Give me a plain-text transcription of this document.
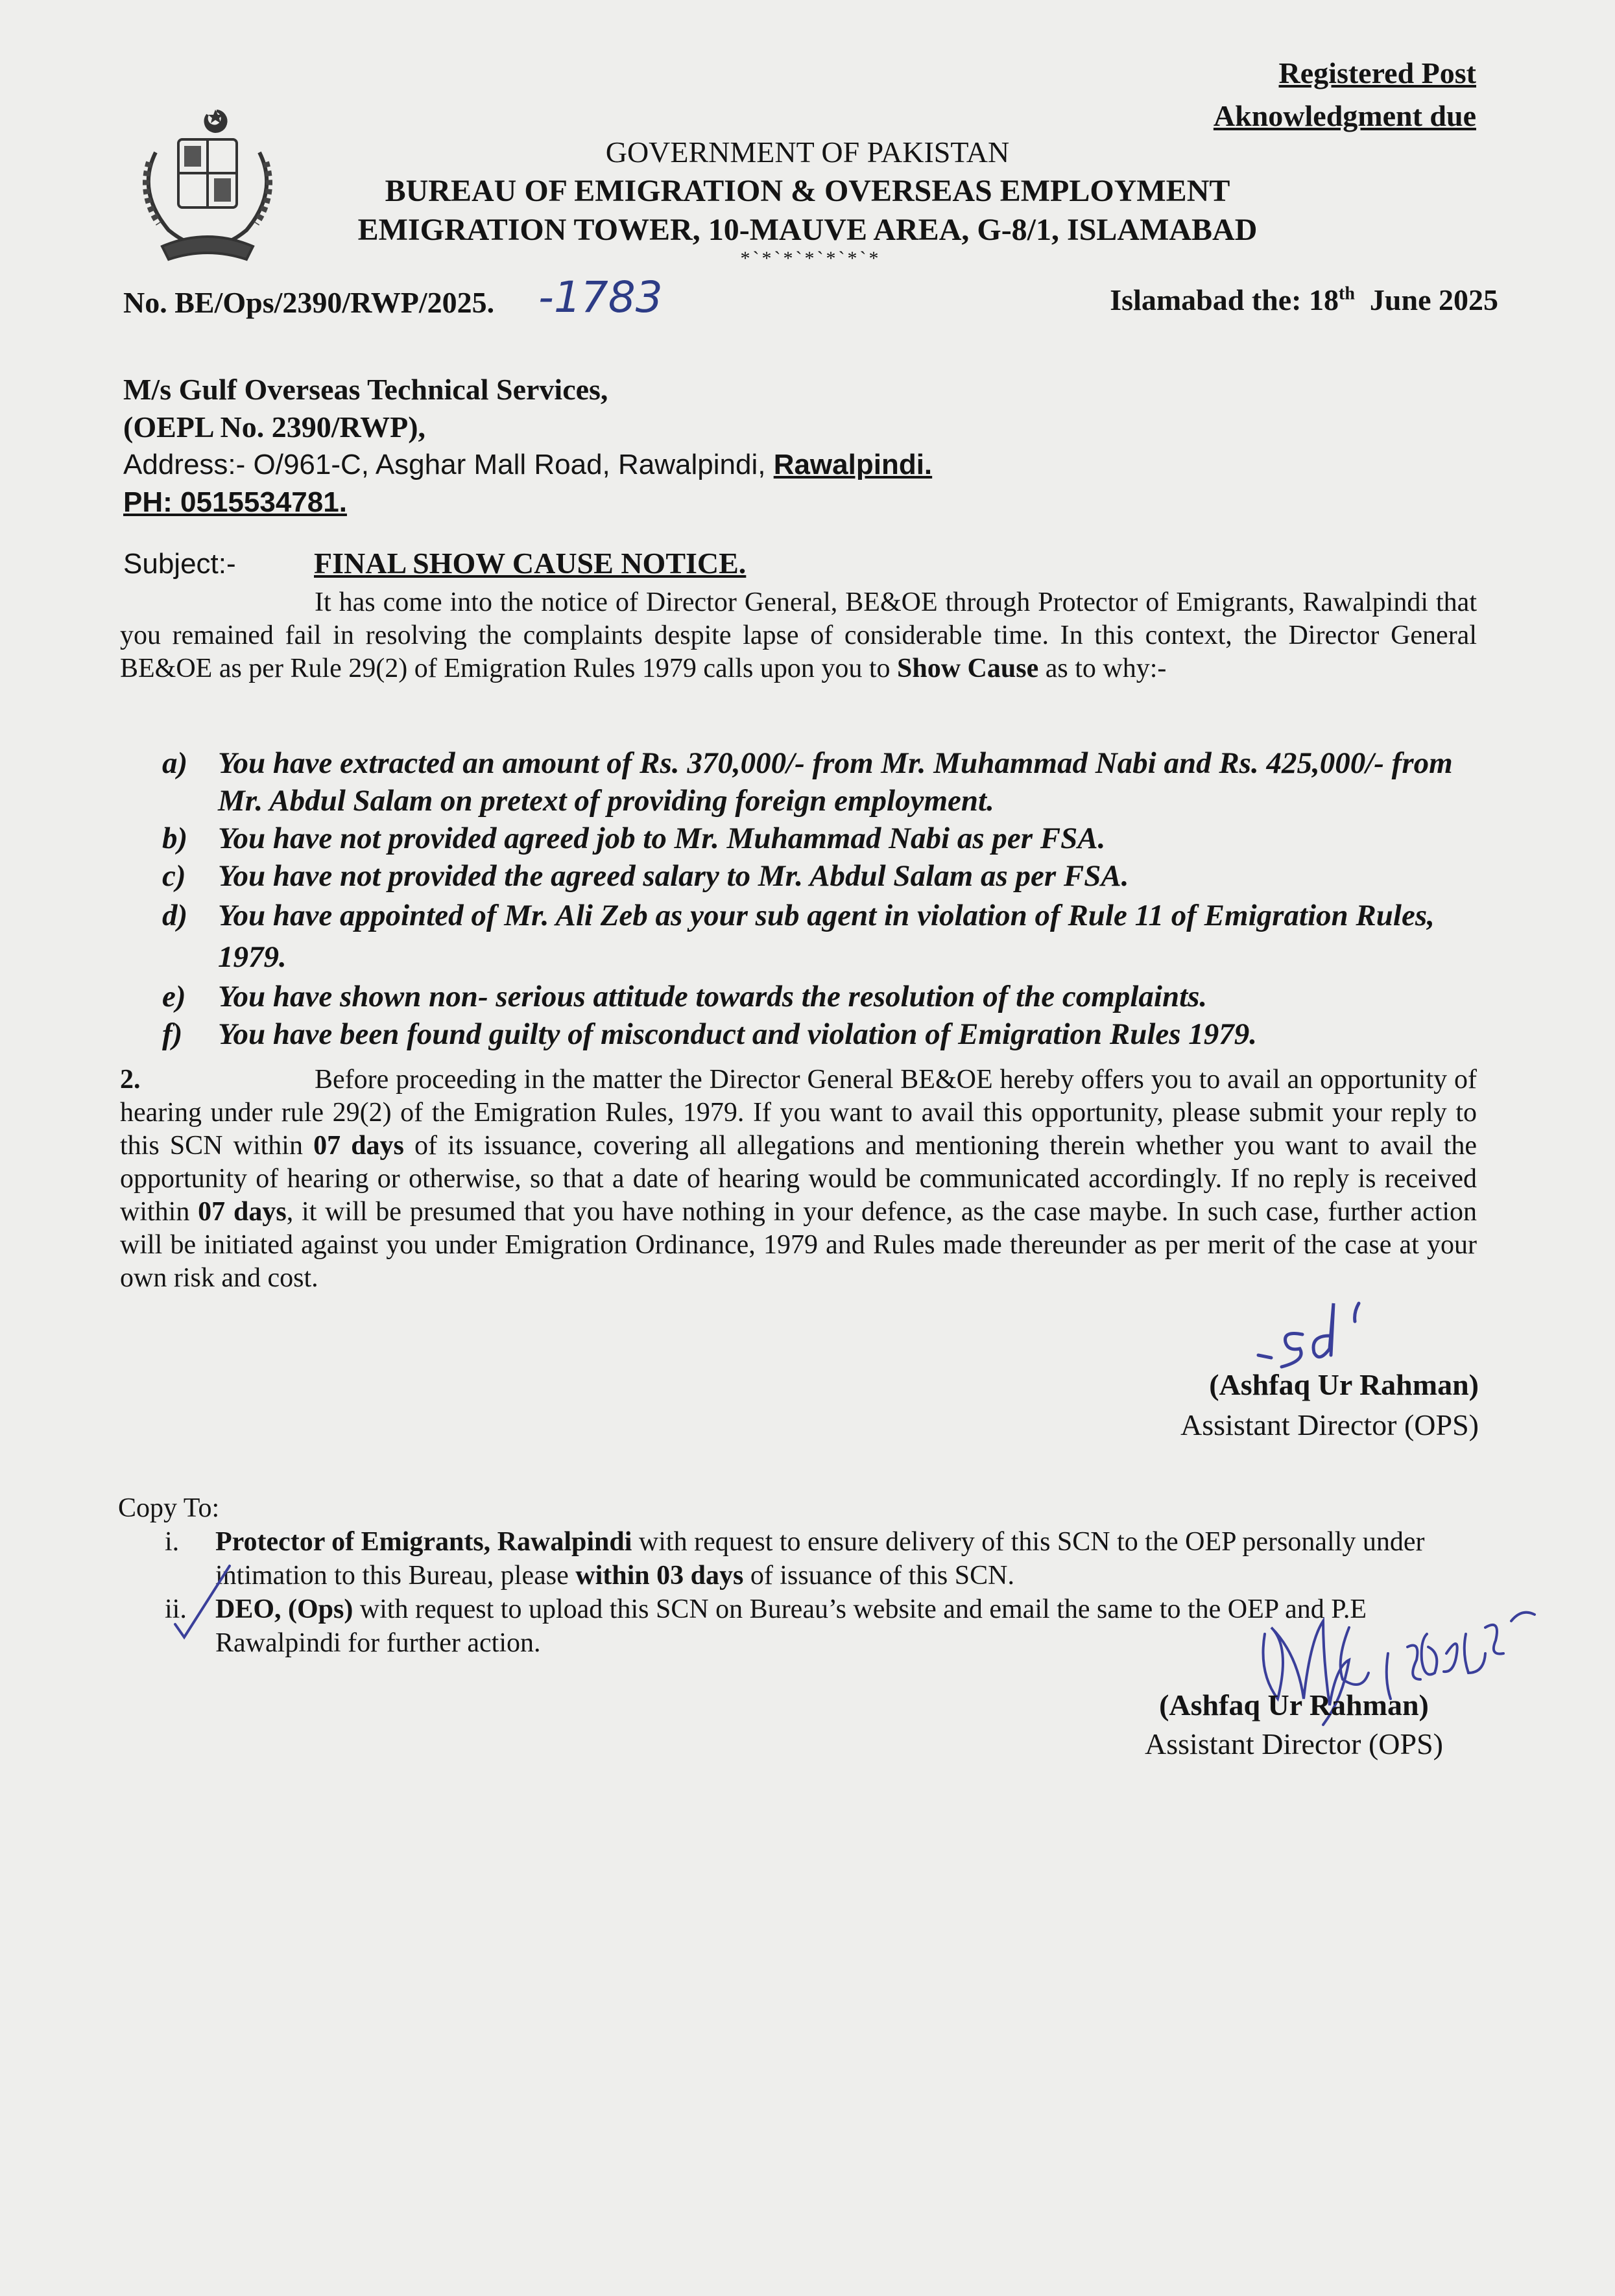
Registered Post
Aknowledgment due
GOVERNMENT OF PAKISTAN
BUREAU OF EMIGRATION & OVERSEAS EMPLOYMENT
EMIGRATION TOWER, 10-MAUVE AREA, G-8/1, ISLAMABAD
*`*`*`*`*`*`*
No. BE/Ops/2390/RWP/2025. -1783	Islamabad the: 18th June 2025
M/s Gulf Overseas Technical Services,
(OEPL No. 2390/RWP),
Address:- O/961-C, Asghar Mall Road, Rawalpindi, Rawalpindi.
PH: 0515534781.
Subject:-	FINAL SHOW CAUSE NOTICE.
It has come into the notice of Director General, BE&OE through Protector of Emigrants, Rawalpindi that you remained fail in resolving the complaints despite lapse of considerable time. In this context, the Director General BE&OE as per Rule 29(2) of Emigration Rules 1979 calls upon you to Show Cause as to why:-
a) You have extracted an amount of Rs. 370,000/- from Mr. Muhammad Nabi and Rs. 425,000/- from Mr. Abdul Salam on pretext of providing foreign employment.
b) You have not provided agreed job to Mr. Muhammad Nabi as per FSA.
c) You have not provided the agreed salary to Mr. Abdul Salam as per FSA.
d) You have appointed of Mr. Ali Zeb as your sub agent in violation of Rule 11 of Emigration Rules, 1979.
e) You have shown non- serious attitude towards the resolution of the complaints.
f) You have been found guilty of misconduct and violation of Emigration Rules 1979.
2.	Before proceeding in the matter the Director General BE&OE hereby offers you to avail an opportunity of hearing under rule 29(2) of the Emigration Rules, 1979. If you want to avail this opportunity, please submit your reply to this SCN within 07 days of its issuance, covering all allegations and mentioning therein whether you want to avail the opportunity of hearing or otherwise, so that a date of hearing would be communicated accordingly. If no reply is received within 07 days, it will be presumed that you have nothing in your defence, as the case maybe. In such case, further action will be initiated against you under Emigration Ordinance, 1979 and Rules made thereunder as per merit of the case at your own risk and cost.
(Ashfaq Ur Rahman)
Assistant Director (OPS)
Copy To:
i. Protector of Emigrants, Rawalpindi with request to ensure delivery of this SCN to the OEP personally under intimation to this Bureau, please within 03 days of issuance of this SCN.
ii. DEO, (Ops) with request to upload this SCN on Bureau’s website and email the same to the OEP and P.E Rawalpindi for further action.
(Ashfaq Ur Rahman)
Assistant Director (OPS)
